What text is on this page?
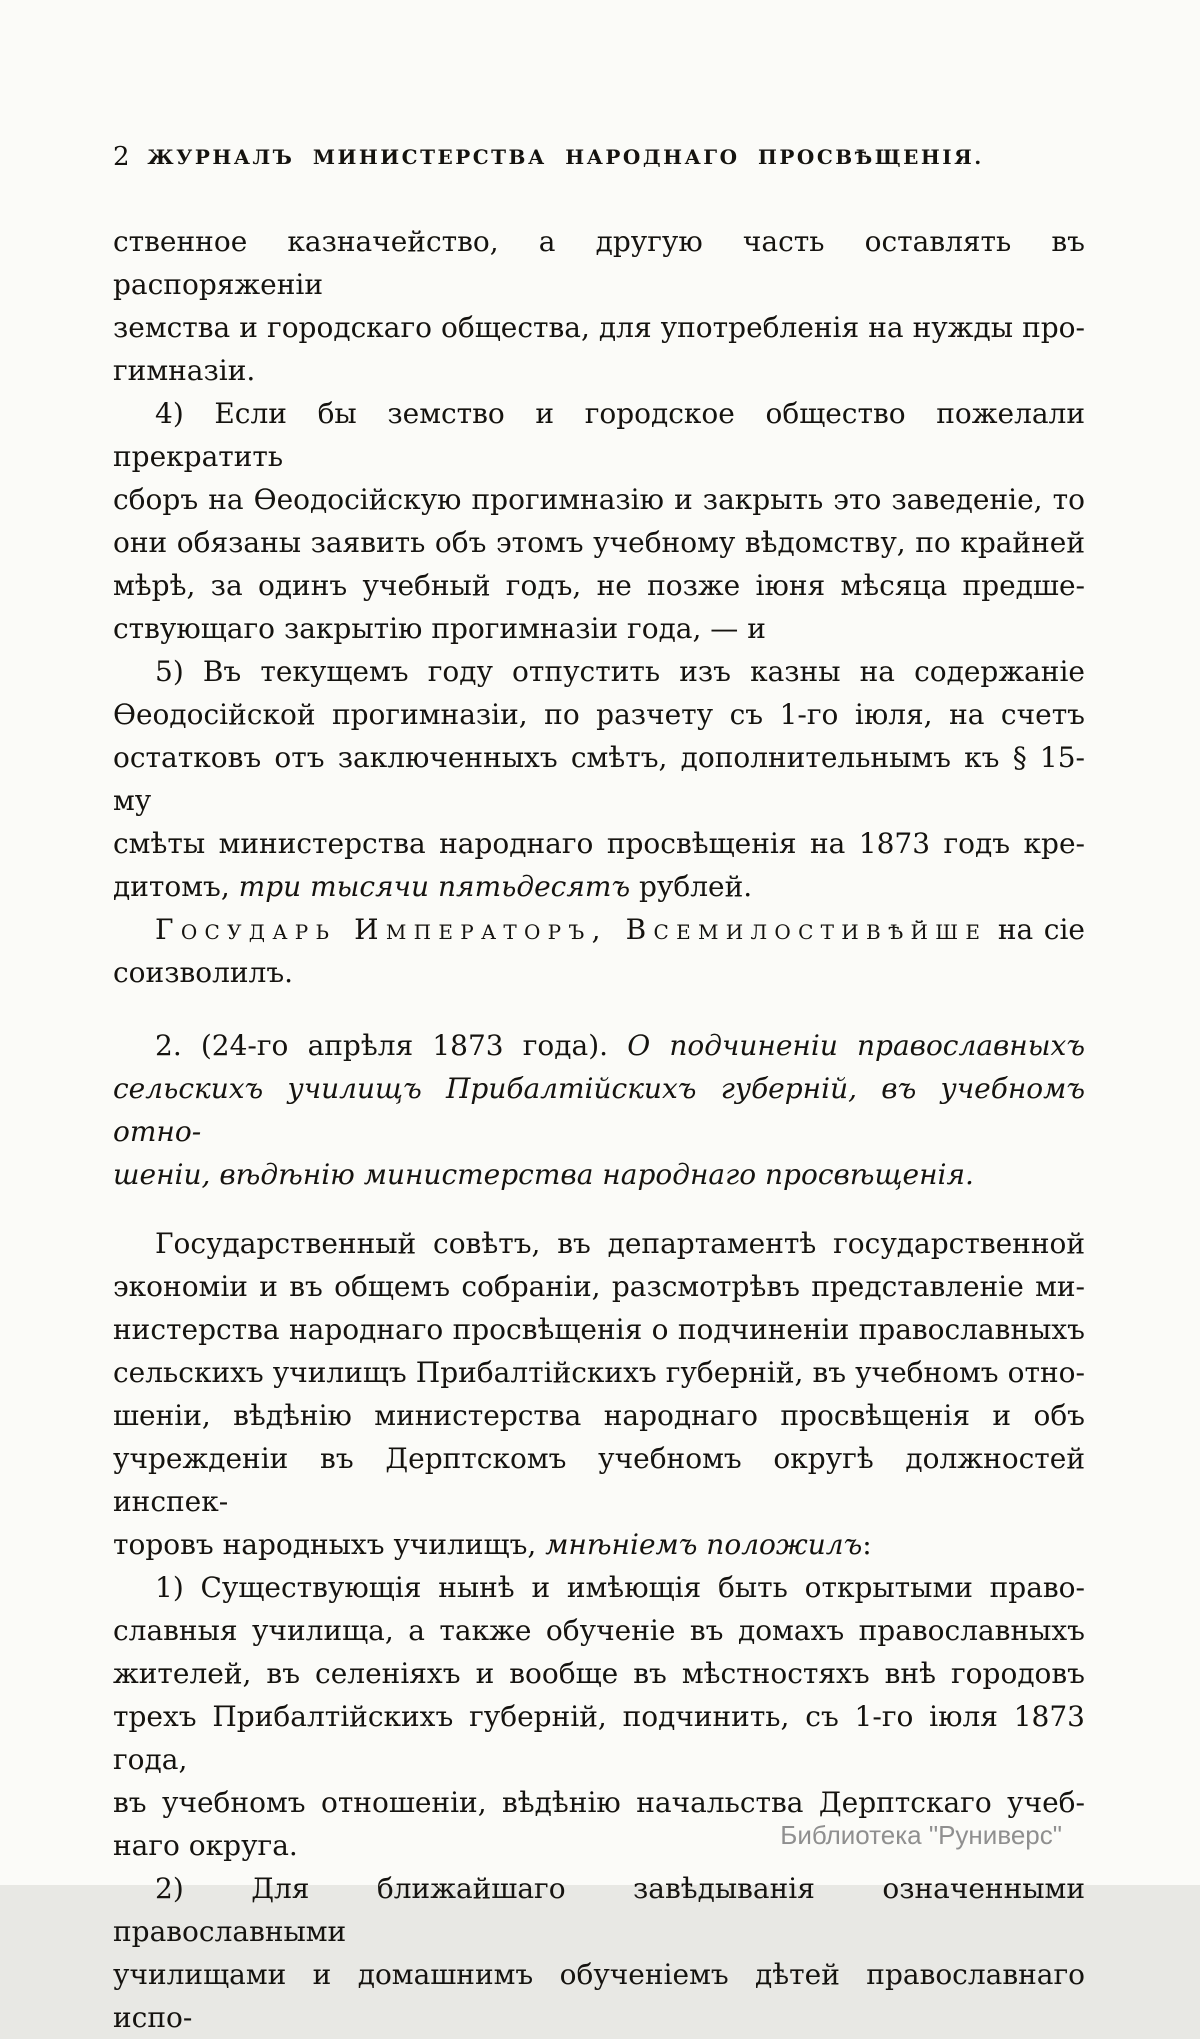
2 ЖУРНАЛЪ МИНИСТЕРСТВА НАРОДНАГО ПРОСВѢЩЕНІЯ.
ственное казначейство, а другую часть оставлять въ распоряженіи
земства и городскаго общества, для употребленія на нужды про-
гимназіи.
4) Если бы земство и городское общество пожелали прекратить
сборъ на Ѳеодосійскую прогимназію и закрыть это заведеніе, то
они обязаны заявить объ этомъ учебному вѣдомству, по крайней
мѣрѣ, за одинъ учебный годъ, не позже іюня мѣсяца предше-
ствующаго закрытію прогимназіи года, — и
5) Въ текущемъ году отпустить изъ казны на содержаніе
Ѳеодосійской прогимназіи, по разчету съ 1-го іюля, на счетъ
остатковъ отъ заключенныхъ смѣтъ, дополнительнымъ къ § 15-му
смѣты министерства народнаго просвѣщенія на 1873 годъ кре-
дитомъ, три тысячи пятьдесятъ рублей.
Государь Императоръ, Всемилостивѣйше на сіе
соизволилъ.
2. (24-го апрѣля 1873 года). О подчиненіи православныхъ
сельскихъ училищъ Прибалтійскихъ губерній, въ учебномъ отно-
шеніи, вѣдѣнію министерства народнаго просвѣщенія.
Государственный совѣтъ, въ департаментѣ государственной
экономіи и въ общемъ собраніи, разсмотрѣвъ представленіе ми-
нистерства народнаго просвѣщенія о подчиненіи православныхъ
сельскихъ училищъ Прибалтійскихъ губерній, въ учебномъ отно-
шеніи, вѣдѣнію министерства народнаго просвѣщенія и объ
учрежденіи въ Дерптскомъ учебномъ округѣ должностей инспек-
торовъ народныхъ училищъ, мнѣніемъ положилъ:
1) Существующія нынѣ и имѣющія быть открытыми право-
славныя училища, а также обученіе въ домахъ православныхъ
жителей, въ селеніяхъ и вообще въ мѣстностяхъ внѣ городовъ
трехъ Прибалтійскихъ губерній, подчинить, съ 1-го іюля 1873 года,
въ учебномъ отношеніи, вѣдѣнію начальства Дерптскаго учеб-
наго округа.
2) Для ближайшаго завѣдыванія означенными православными
училищами и домашнимъ обученіемъ дѣтей православнаго испо-
Библиотека "Руниверс"
